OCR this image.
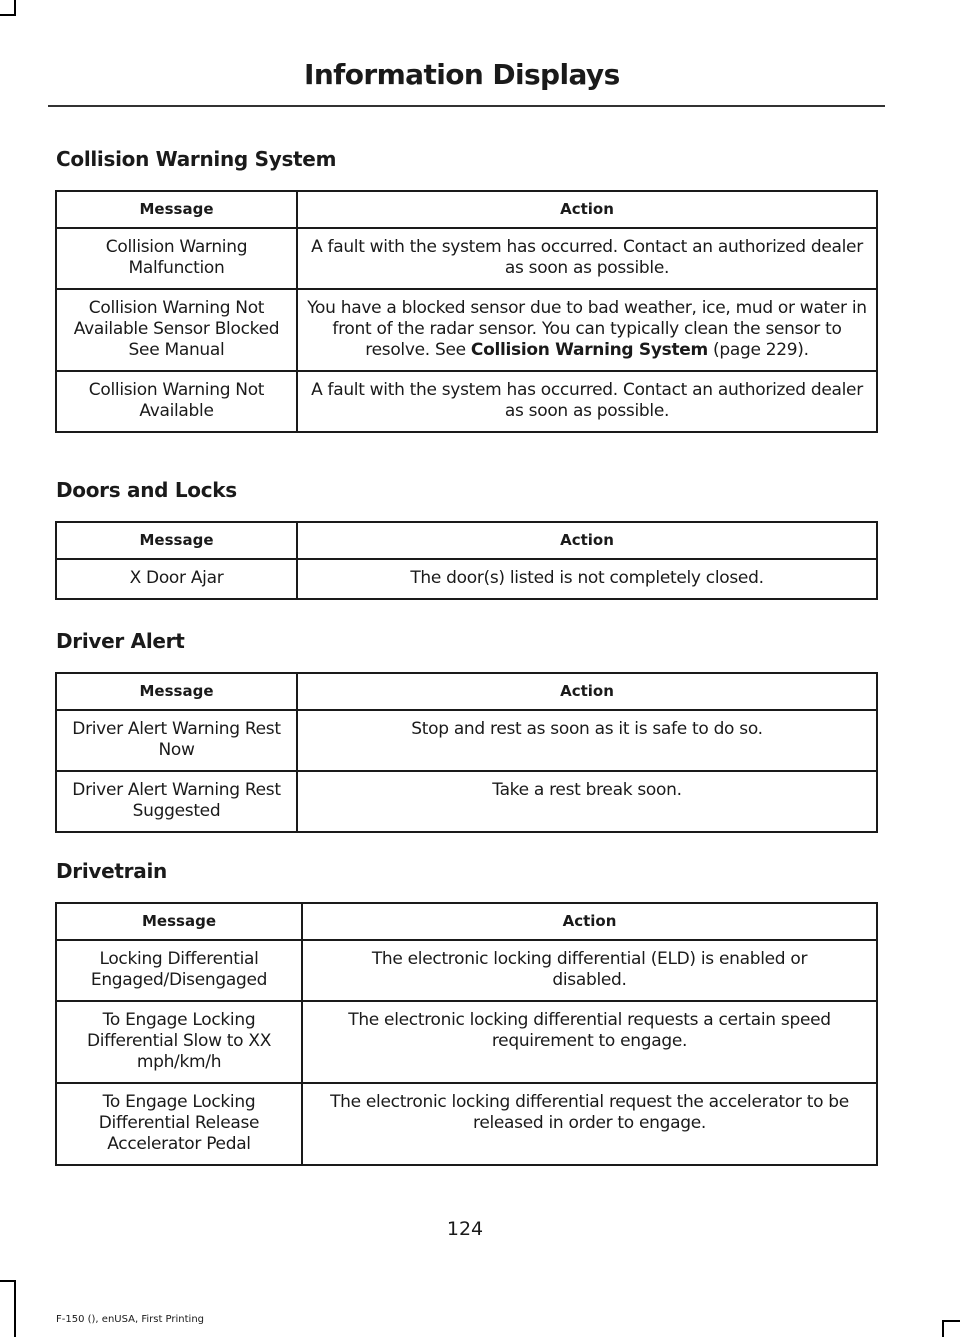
Information Displays
Collision Warning System
Message	Action
Collision Warning Malfunction	A fault with the system has occurred. Contact an authorized dealer as soon as possible.
Collision Warning Not Available Sensor Blocked See Manual	You have a blocked sensor due to bad weather, ice, mud or water in front of the radar sensor. You can typically clean the sensor to resolve. See Collision Warning System (page 229).
Collision Warning Not Available	A fault with the system has occurred. Contact an authorized dealer as soon as possible.
Doors and Locks
Message	Action
X Door Ajar	The door(s) listed is not completely closed.
Driver Alert
Message	Action
Driver Alert Warning Rest Now	Stop and rest as soon as it is safe to do so.
Driver Alert Warning Rest Suggested	Take a rest break soon.
Drivetrain
Message	Action
Locking Differential Engaged/Disengaged	The electronic locking differential (ELD) is enabled or disabled.
To Engage Locking Differential Slow to XX mph/km/h	The electronic locking differential requests a certain speed requirement to engage.
To Engage Locking Differential Release Accelerator Pedal	The electronic locking differential request the accelerator to be released in order to engage.
124
F-150 (), enUSA, First Printing
